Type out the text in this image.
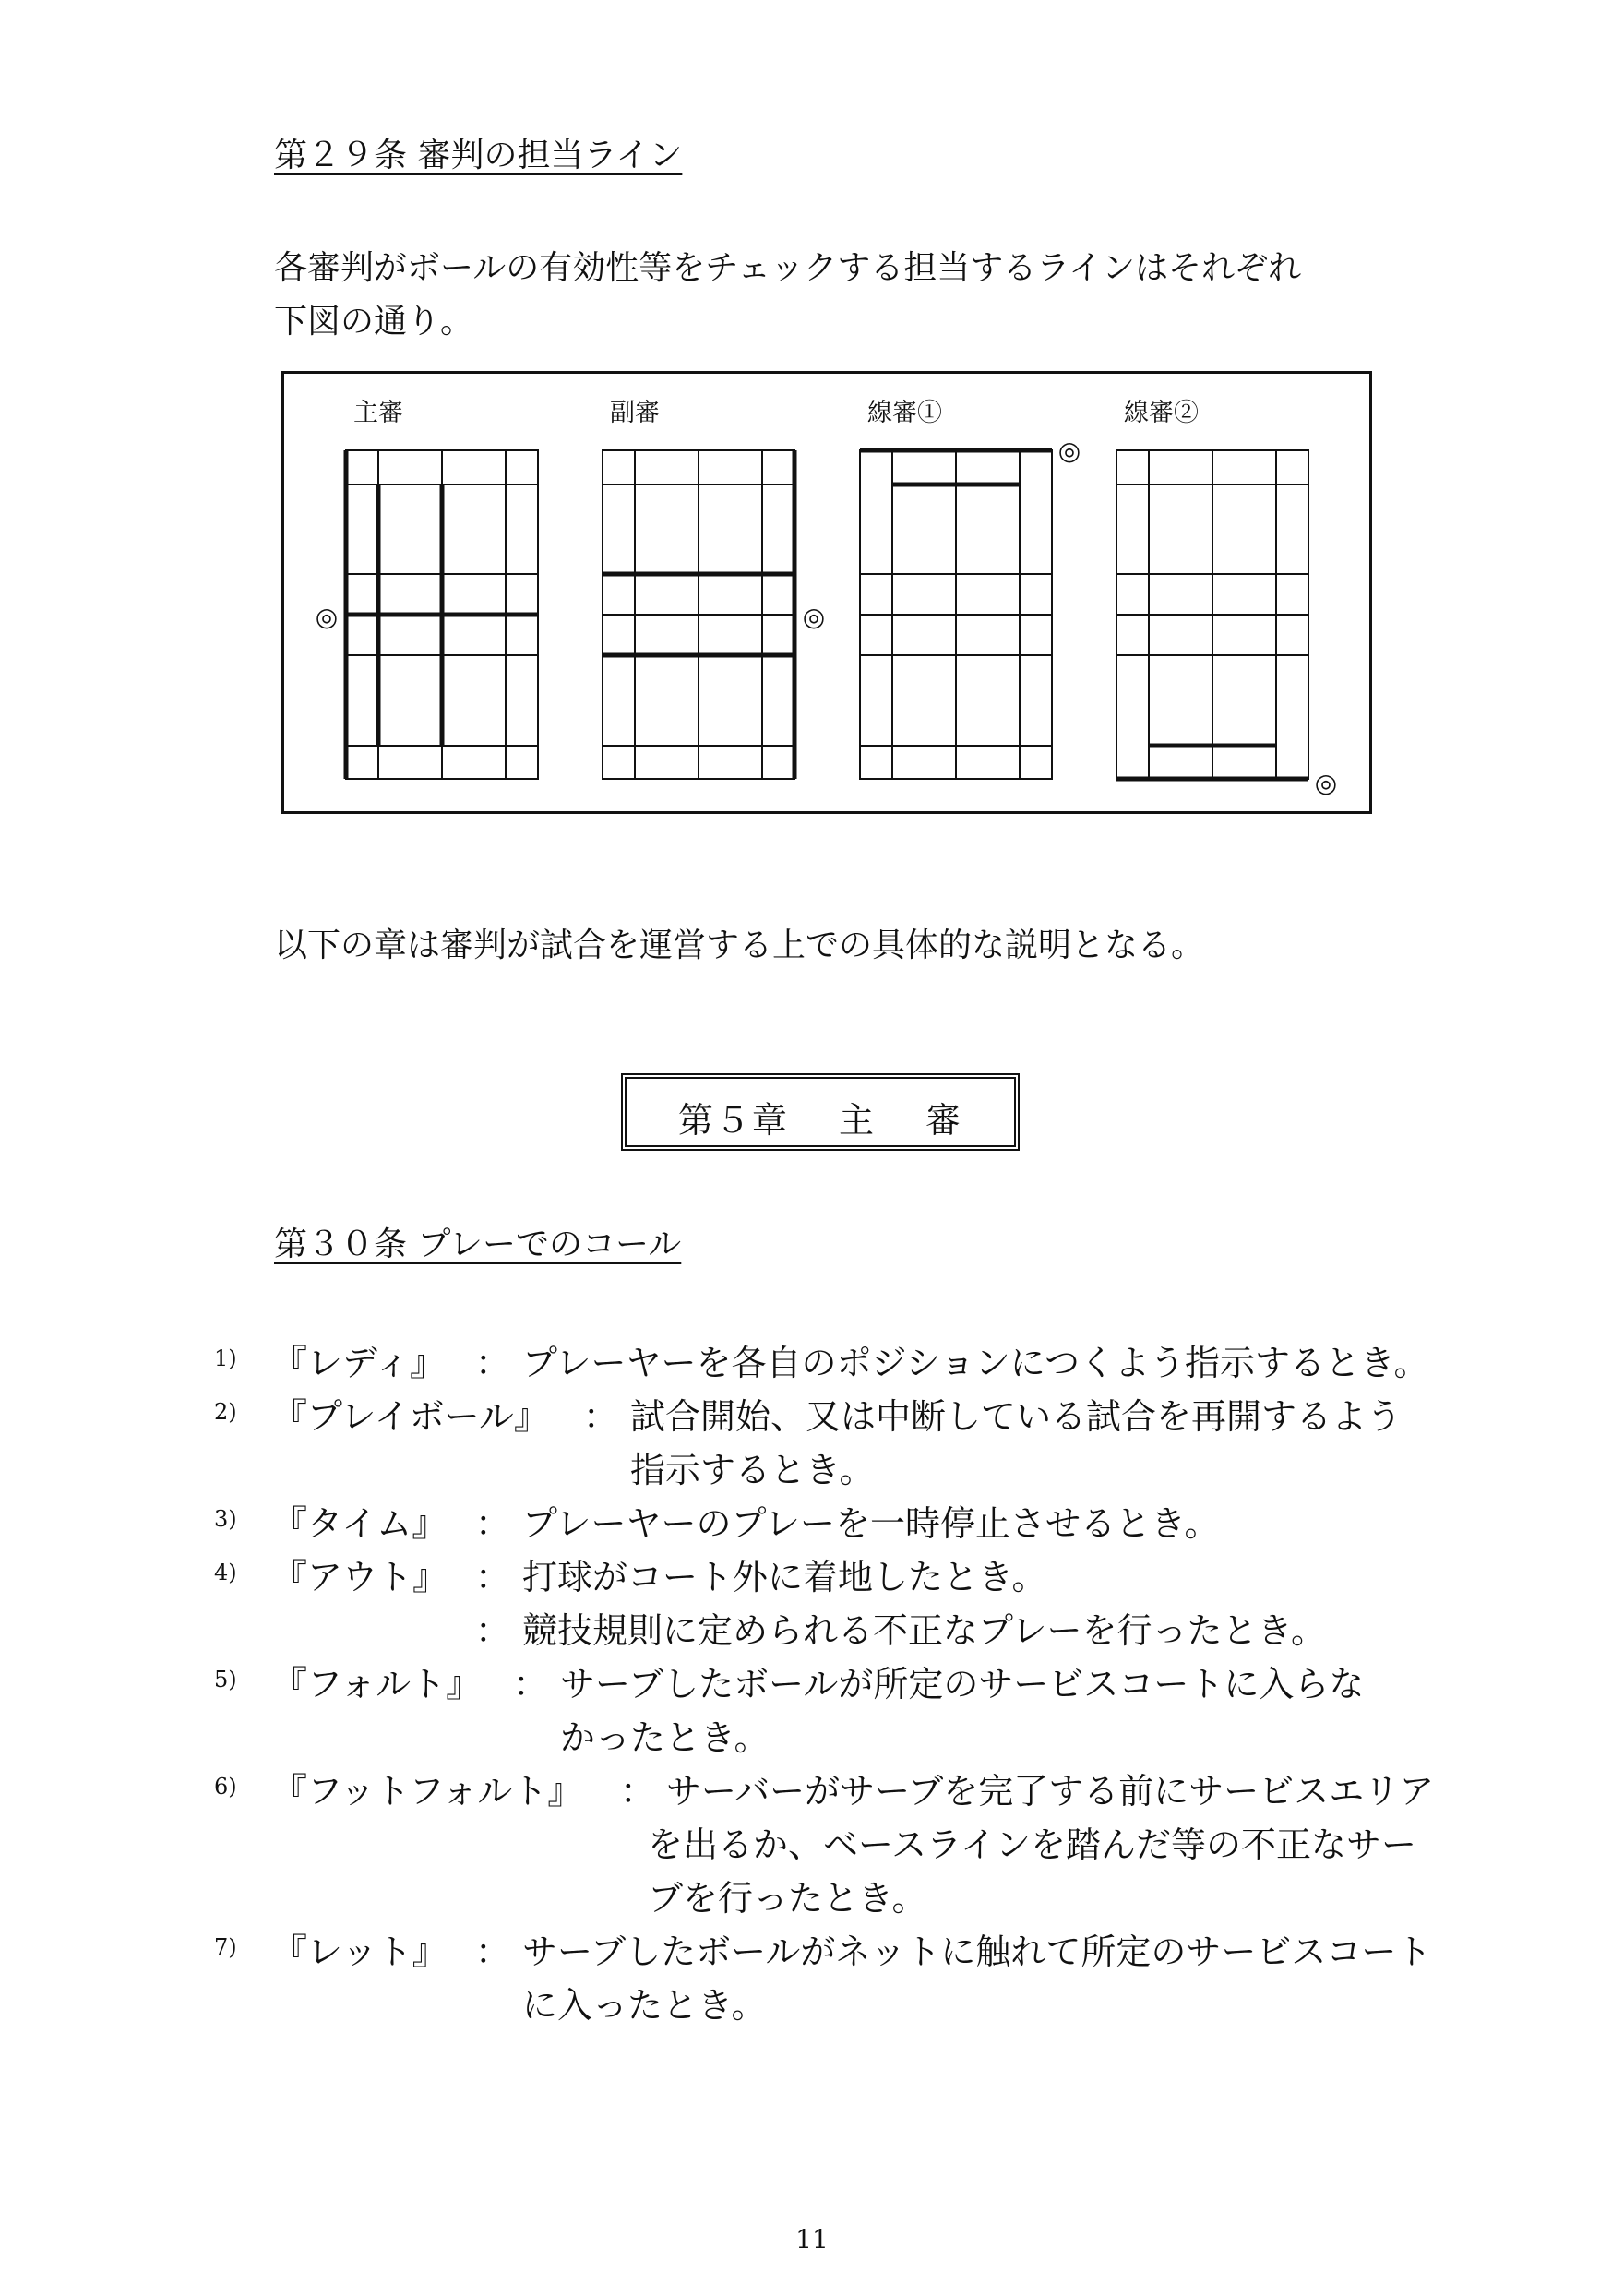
第２９条 審判の担当ライン
各審判がボールの有効性等をチェックする担当するラインはそれぞれ
下図の通り。
主審	副審	線審①	線審②
◎	◎
◎
◎
以下の章は審判が試合を運営する上での具体的な説明となる。
第５章　 主　 審
第３０条 プレーでのコール
1) 『レディ』 ： プレーヤーを各自のポジションにつくよう指示するとき。
2) 『プレイボール』 ： 試合開始、又は中断している試合を再開するよう
指示するとき。
3) 『タイム』 ： プレーヤーのプレーを一時停止させるとき。
4) 『アウト』 ： 打球がコート外に着地したとき。
： 競技規則に定められる不正なプレーを行ったとき。
5) 『フォルト』 ： サーブしたボールが所定のサービスコートに入らな
かったとき。
6) 『フットフォルト』 ： サーバーがサーブを完了する前にサービスエリア
を出るか、ベースラインを踏んだ等の不正なサー
ブを行ったとき。
7) 『レット』 ： サーブしたボールがネットに触れて所定のサービスコート
に入ったとき。
11
